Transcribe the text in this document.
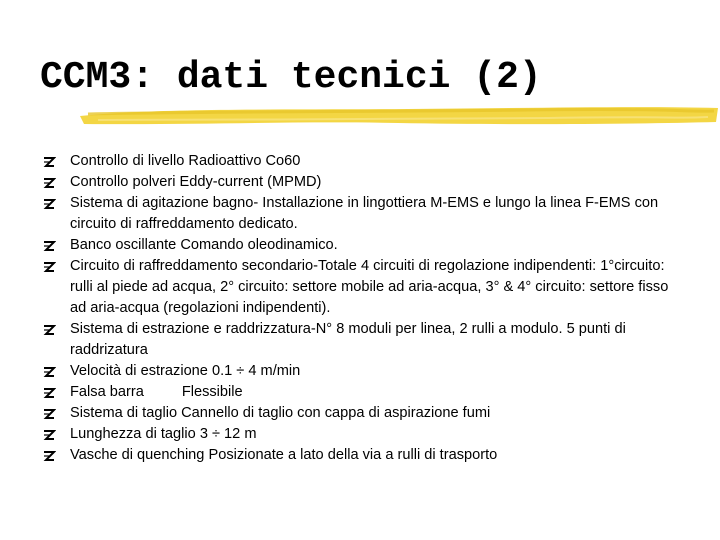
CCM3: dati tecnici (2)
Controllo di livello Radioattivo Co60
Controllo polveri Eddy-current (MPMD)
Sistema di agitazione bagno- Installazione in lingottiera M-EMS e lungo la linea F-EMS con circuito di raffreddamento dedicato.
Banco oscillante Comando oleodinamico.
Circuito di raffreddamento secondario-Totale 4 circuiti di regolazione indipendenti: 1°circuito: rulli al piede ad acqua, 2° circuito: settore mobile ad aria-acqua, 3° & 4° circuito: settore fisso ad aria-acqua (regolazioni indipendenti).
Sistema di estrazione e raddrizzatura-N° 8 moduli per linea, 2 rulli a modulo. 5 punti di raddrizatura
Velocità di estrazione 0.1 ÷ 4 m/min
Falsa barra	Flessibile
Sistema di taglio Cannello di taglio con cappa di aspirazione fumi
Lunghezza di taglio 3 ÷ 12 m
Vasche di quenching Posizionate a lato della via a rulli di trasporto
